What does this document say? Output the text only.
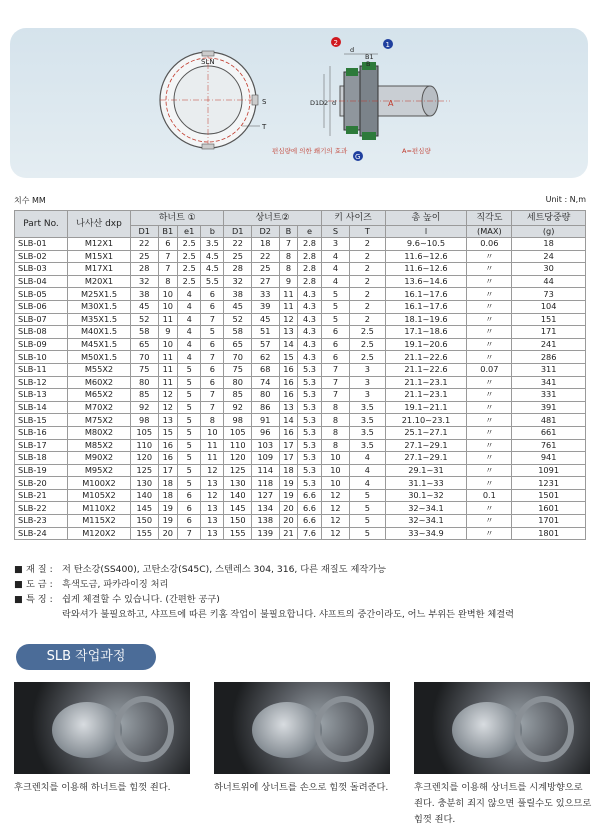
SLN
S
T
D1 D2 d	A
d
B1
B
2	1
G
편심량에 의한 쐐기의 효과	A=편심량
치수 MM	Unit : N,m
Part No.	나사산 dxp	하너트 ①				상너트②				키 사이즈		총 높이	직각도	세트당중량
		D1	B1	e1	b	D1	D2	B	e	S	T	l	(MAX)	(g)
SLB-01	M12X1	22	6	2.5	3.5	22	18	7	2.8	3	2	9.6~10.5	0.06	18
SLB-02	M15X1	25	7	2.5	4.5	25	22	8	2.8	4	2	11.6~12.6	〃	24
SLB-03	M17X1	28	7	2.5	4.5	28	25	8	2.8	4	2	11.6~12.6	〃	30
SLB-04	M20X1	32	8	2.5	5.5	32	27	9	2.8	4	2	13.6~14.6	〃	44
SLB-05	M25X1.5	38	10	4	6	38	33	11	4.3	5	2	16.1~17.6	〃	73
SLB-06	M30X1.5	45	10	4	6	45	39	11	4.3	5	2	16.1~17.6	〃	104
SLB-07	M35X1.5	52	11	4	7	52	45	12	4.3	5	2	18.1~19.6	〃	151
SLB-08	M40X1.5	58	9	4	5	58	51	13	4.3	6	2.5	17.1~18.6	〃	171
SLB-09	M45X1.5	65	10	4	6	65	57	14	4.3	6	2.5	19.1~20.6	〃	241
SLB-10	M50X1.5	70	11	4	7	70	62	15	4.3	6	2.5	21.1~22.6	〃	286
SLB-11	M55X2	75	11	5	6	75	68	16	5.3	7	3	21.1~22.6	0.07	311
SLB-12	M60X2	80	11	5	6	80	74	16	5.3	7	3	21.1~23.1	〃	341
SLB-13	M65X2	85	12	5	7	85	80	16	5.3	7	3	21.1~23.1	〃	331
SLB-14	M70X2	92	12	5	7	92	86	13	5.3	8	3.5	19.1~21.1	〃	391
SLB-15	M75X2	98	13	5	8	98	91	14	5.3	8	3.5	21.10~23.1	〃	481
SLB-16	M80X2	105	15	5	10	105	96	16	5.3	8	3.5	25.1~27.1	〃	661
SLB-17	M85X2	110	16	5	11	110	103	17	5.3	8	3.5	27.1~29.1	〃	761
SLB-18	M90X2	120	16	5	11	120	109	17	5.3	10	4	27.1~29.1	〃	941
SLB-19	M95X2	125	17	5	12	125	114	18	5.3	10	4	29.1~31	〃	1091
SLB-20	M100X2	130	18	5	13	130	118	19	5.3	10	4	31.1~33	〃	1231
SLB-21	M105X2	140	18	6	12	140	127	19	6.6	12	5	30.1~32	0.1	1501
SLB-22	M110X2	145	19	6	13	145	134	20	6.6	12	5	32~34.1	〃	1601
SLB-23	M115X2	150	19	6	13	150	138	20	6.6	12	5	32~34.1	〃	1701
SLB-24	M120X2	155	20	7	13	155	139	21	7.6	12	5	33~34.9	〃	1801
■ 재 질 :	저 탄소강(SS400), 고탄소강(S45C), 스텐레스 304, 316, 다른 재질도 제작가능
■ 도 금 :	흑색도금, 파카라이징 처리
■ 특 징 :	쉽게 체결할 수 있습니다. (간편한 공구)
락와셔가 불필요하고, 샤프트에 따른 키홈 작업이 불필요합니다. 샤프트의 중간이라도, 어느 부위든 완벽한 체결력
SLB 작업과정
후크렌치를 이용해 하너트를 힘껏 죈다.	하너트위에 상너트를 손으로 힘껏 돌려준다.	후크렌치를 이용해 상너트를 시계방향으로 죈다. 충분히 죄지 않으면 풀릴수도 있으므로 힘껏 죈다.
